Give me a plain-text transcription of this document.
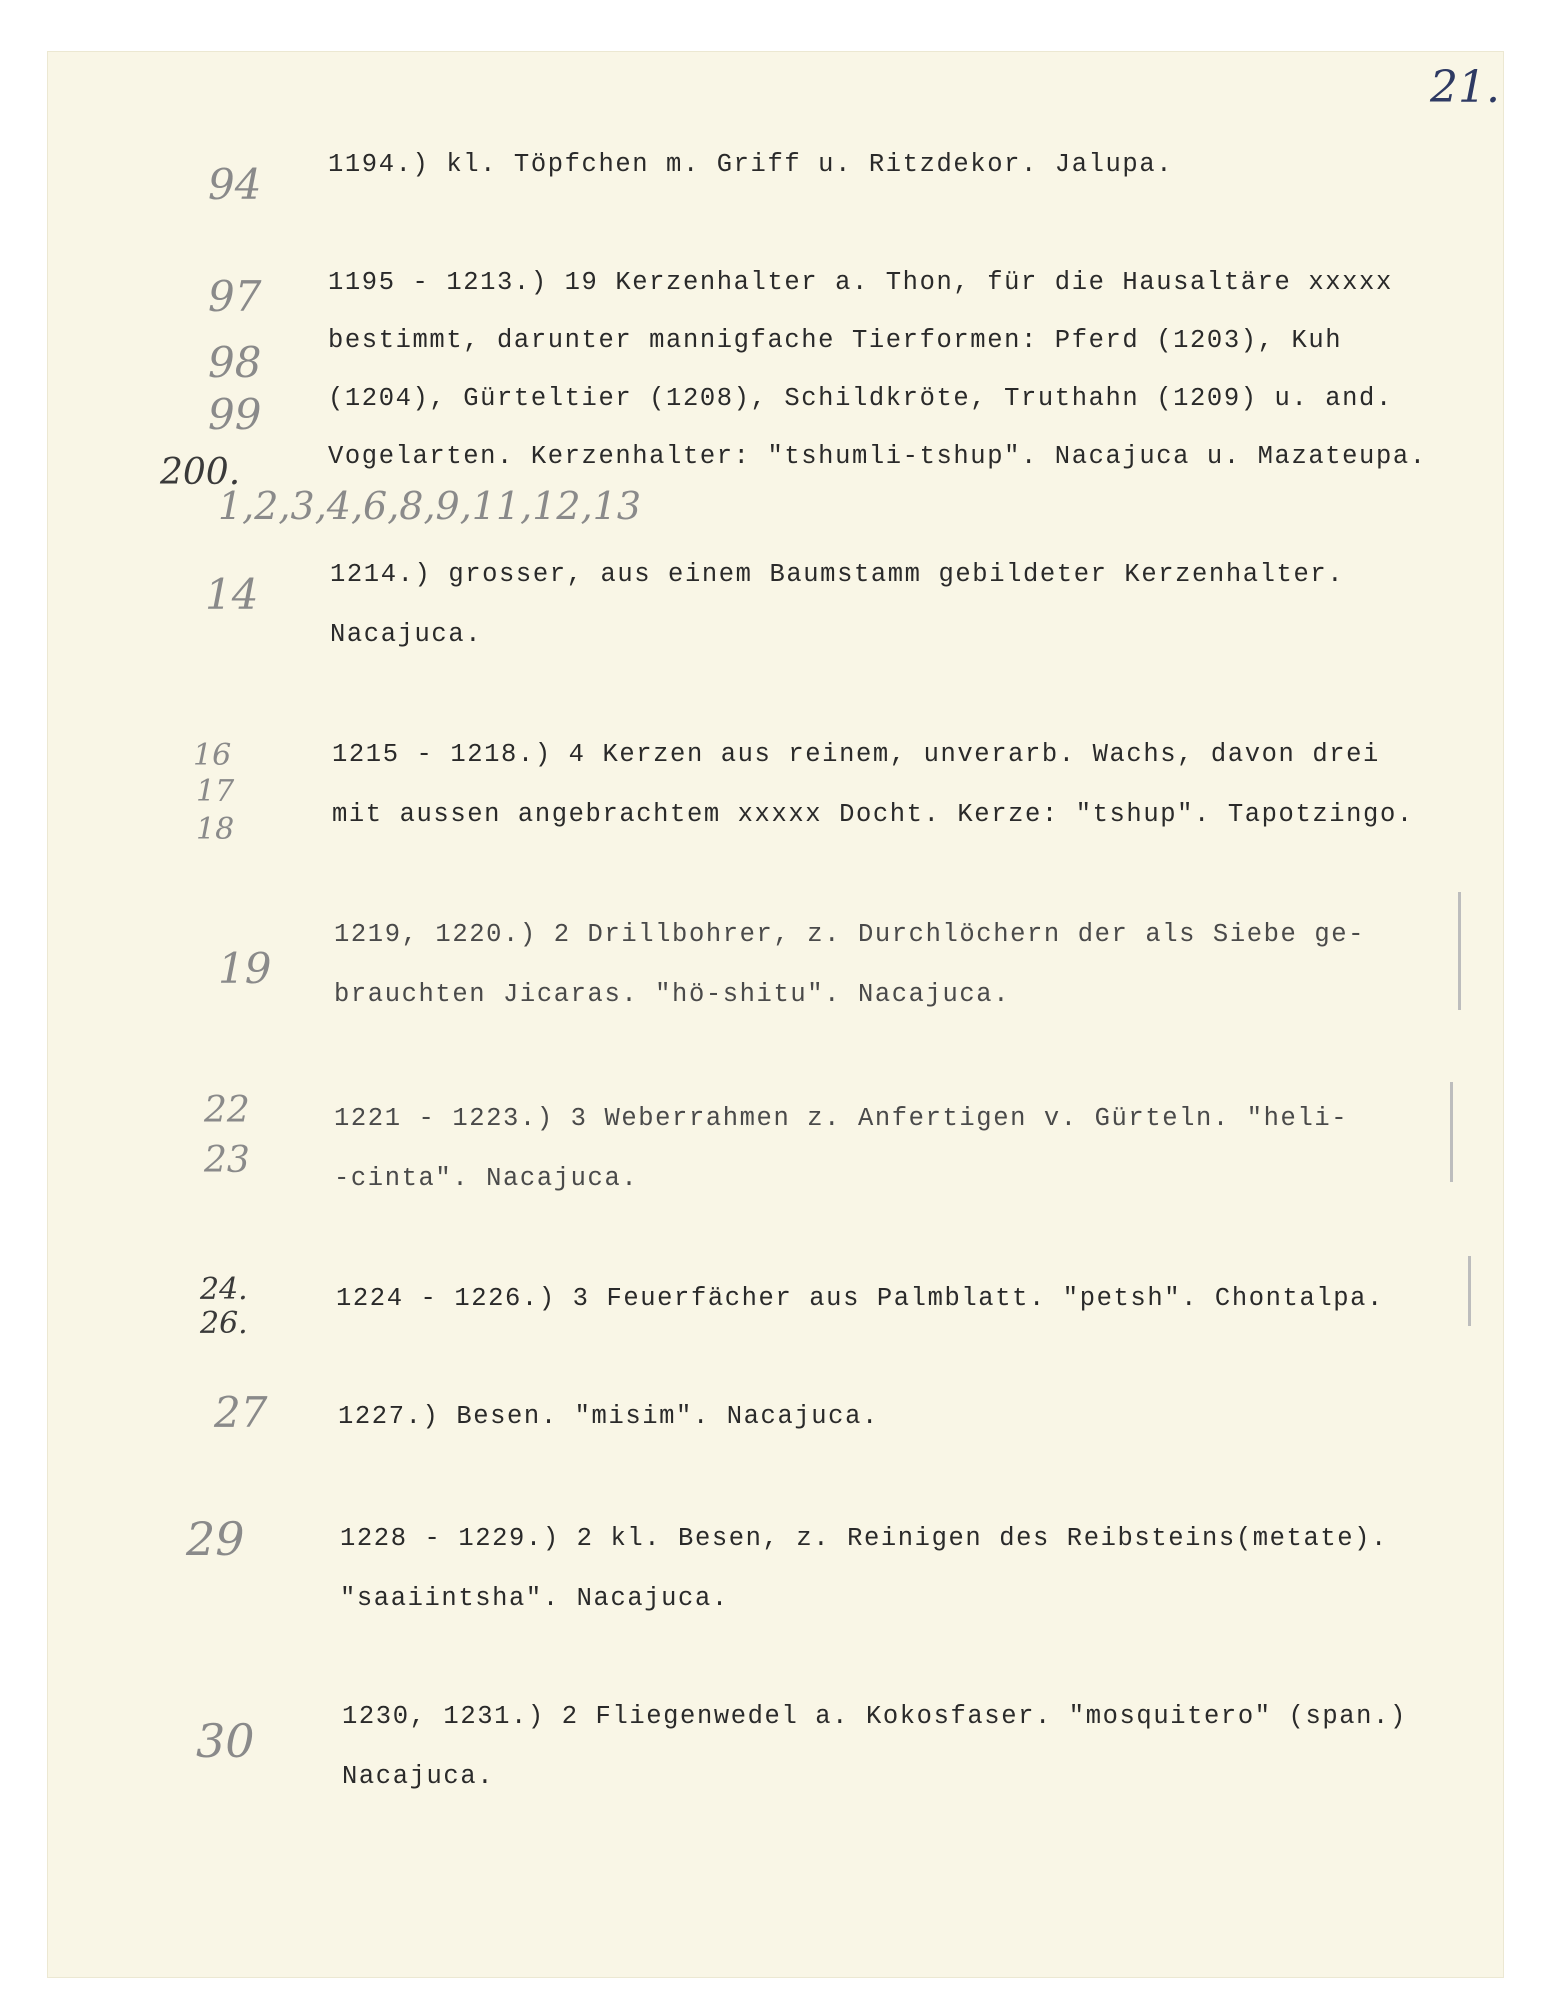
21.
1194.) kl. Töpfchen m. Griff u. Ritzdekor. Jalupa.
1195 - 1213.) 19 Kerzenhalter a. Thon, für die Hausaltäre xxxxx
bestimmt, darunter mannigfache Tierformen: Pferd (1203), Kuh
(1204), Gürteltier (1208), Schildkröte, Truthahn (1209) u. and.
Vogelarten. Kerzenhalter: "tshumli-tshup". Nacajuca u. Mazateupa.
1214.) grosser, aus einem Baumstamm gebildeter Kerzenhalter.
Nacajuca.
1215 - 1218.) 4 Kerzen aus reinem, unverarb. Wachs, davon drei
mit aussen angebrachtem xxxxx Docht. Kerze: "tshup". Tapotzingo.
1219, 1220.) 2 Drillbohrer, z. Durchlöchern der als Siebe ge-
brauchten Jicaras. "hö-shitu". Nacajuca.
1221 - 1223.) 3 Weberrahmen z. Anfertigen v. Gürteln. "heli-
-cinta". Nacajuca.
1224 - 1226.) 3 Feuerfächer aus Palmblatt. "petsh". Chontalpa.
1227.) Besen. "misim". Nacajuca.
1228 - 1229.) 2 kl. Besen, z. Reinigen des Reibsteins(metate).
"saaiintsha". Nacajuca.
1230, 1231.) 2 Fliegenwedel a. Kokosfaser. "mosquitero" (span.)
Nacajuca.
94
97
98
99
200.
1,2,3,4,6,8,9,11,12,13
14
16
17
18
19
22
23
24.
26.
27
29
30
